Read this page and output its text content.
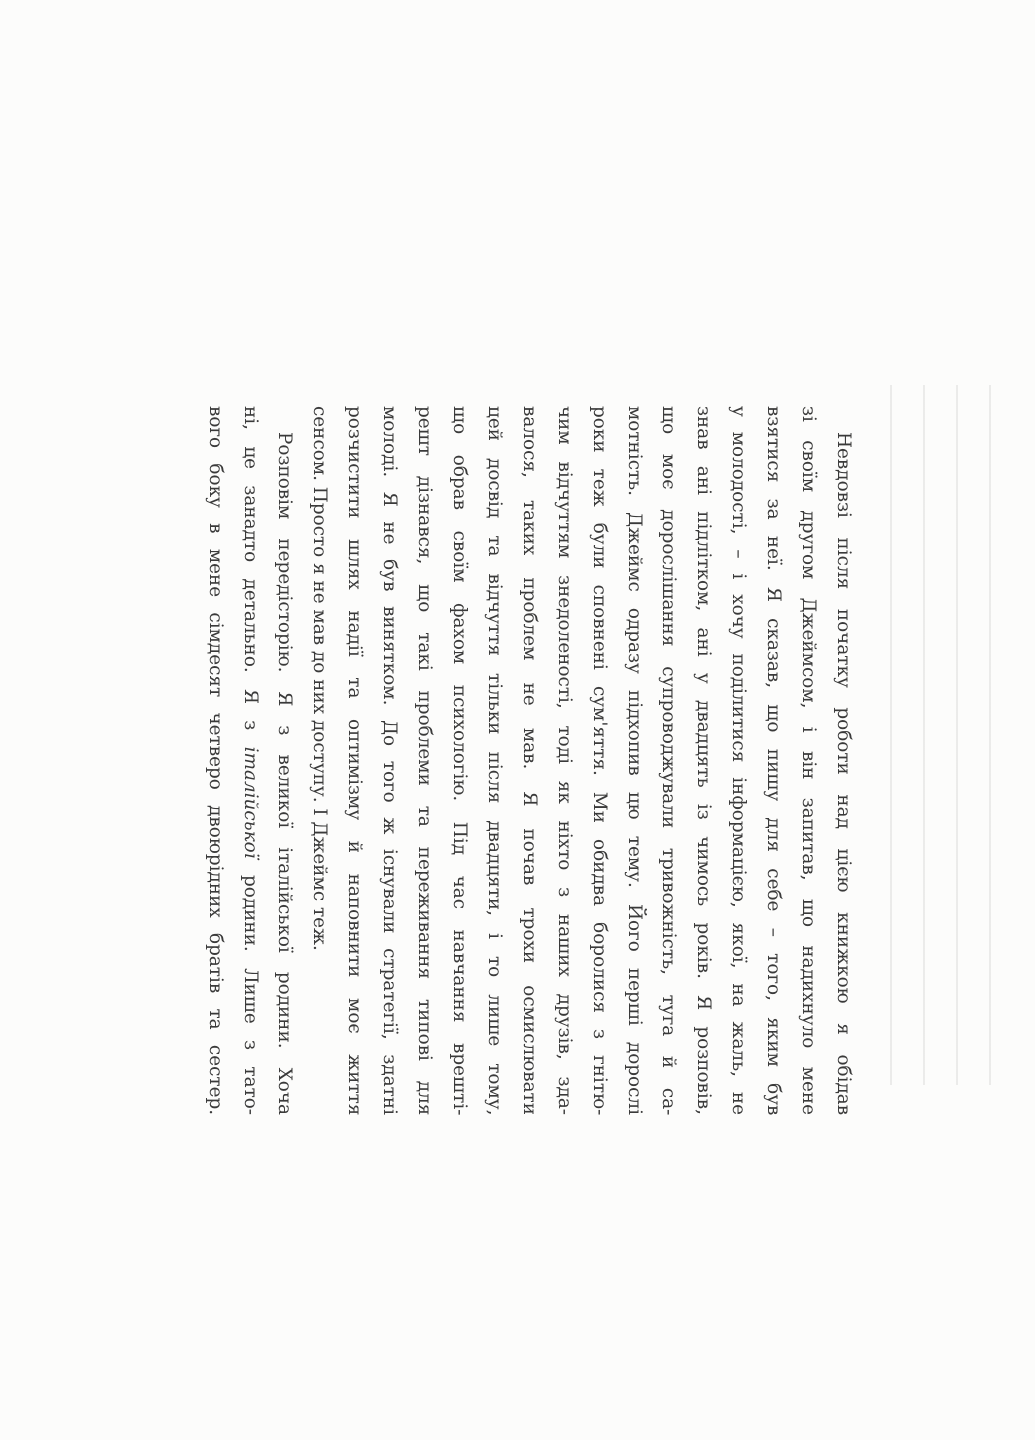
Невдовзі після початку роботи над цією книжкою я обідав
зі своїм другом Джеймсом, і він запитав, що надихнуло мене
взятися за неї. Я сказав, що пишу для себе – того, яким був
у молодості, – і хочу поділитися інформацією, якої, на жаль, не
знав ані підлітком, ані у двадцять із чимось років. Я розповів,
що моє дорослішання супроводжували тривожність, туга й са-
мотність. Джеймс одразу підхопив цю тему. Його перші дорослі
роки теж були сповнені сум'яття. Ми обидва боролися з гнітю-
чим відчуттям знедоленості, тоді як ніхто з наших друзів, зда-
валося, таких проблем не мав. Я почав трохи осмислювати
цей досвід та відчуття тільки після двадцяти, і то лише тому,
що обрав своїм фахом психологію. Під час навчання врешті-
решт дізнався, що такі проблеми та переживання типові для
молоді. Я не був винятком. До того ж існували стратегії, здатні
розчистити шлях надії та оптимізму й наповнити моє життя
сенсом. Просто я не мав до них доступу. І Джеймс теж.
Розповім передісторію. Я з великої італійської родини. Хоча
ні, це занадто детально. Я з італійської родини. Лише з тато-
вого боку в мене сімдесят четверо двоюрідних братів та сестер.
